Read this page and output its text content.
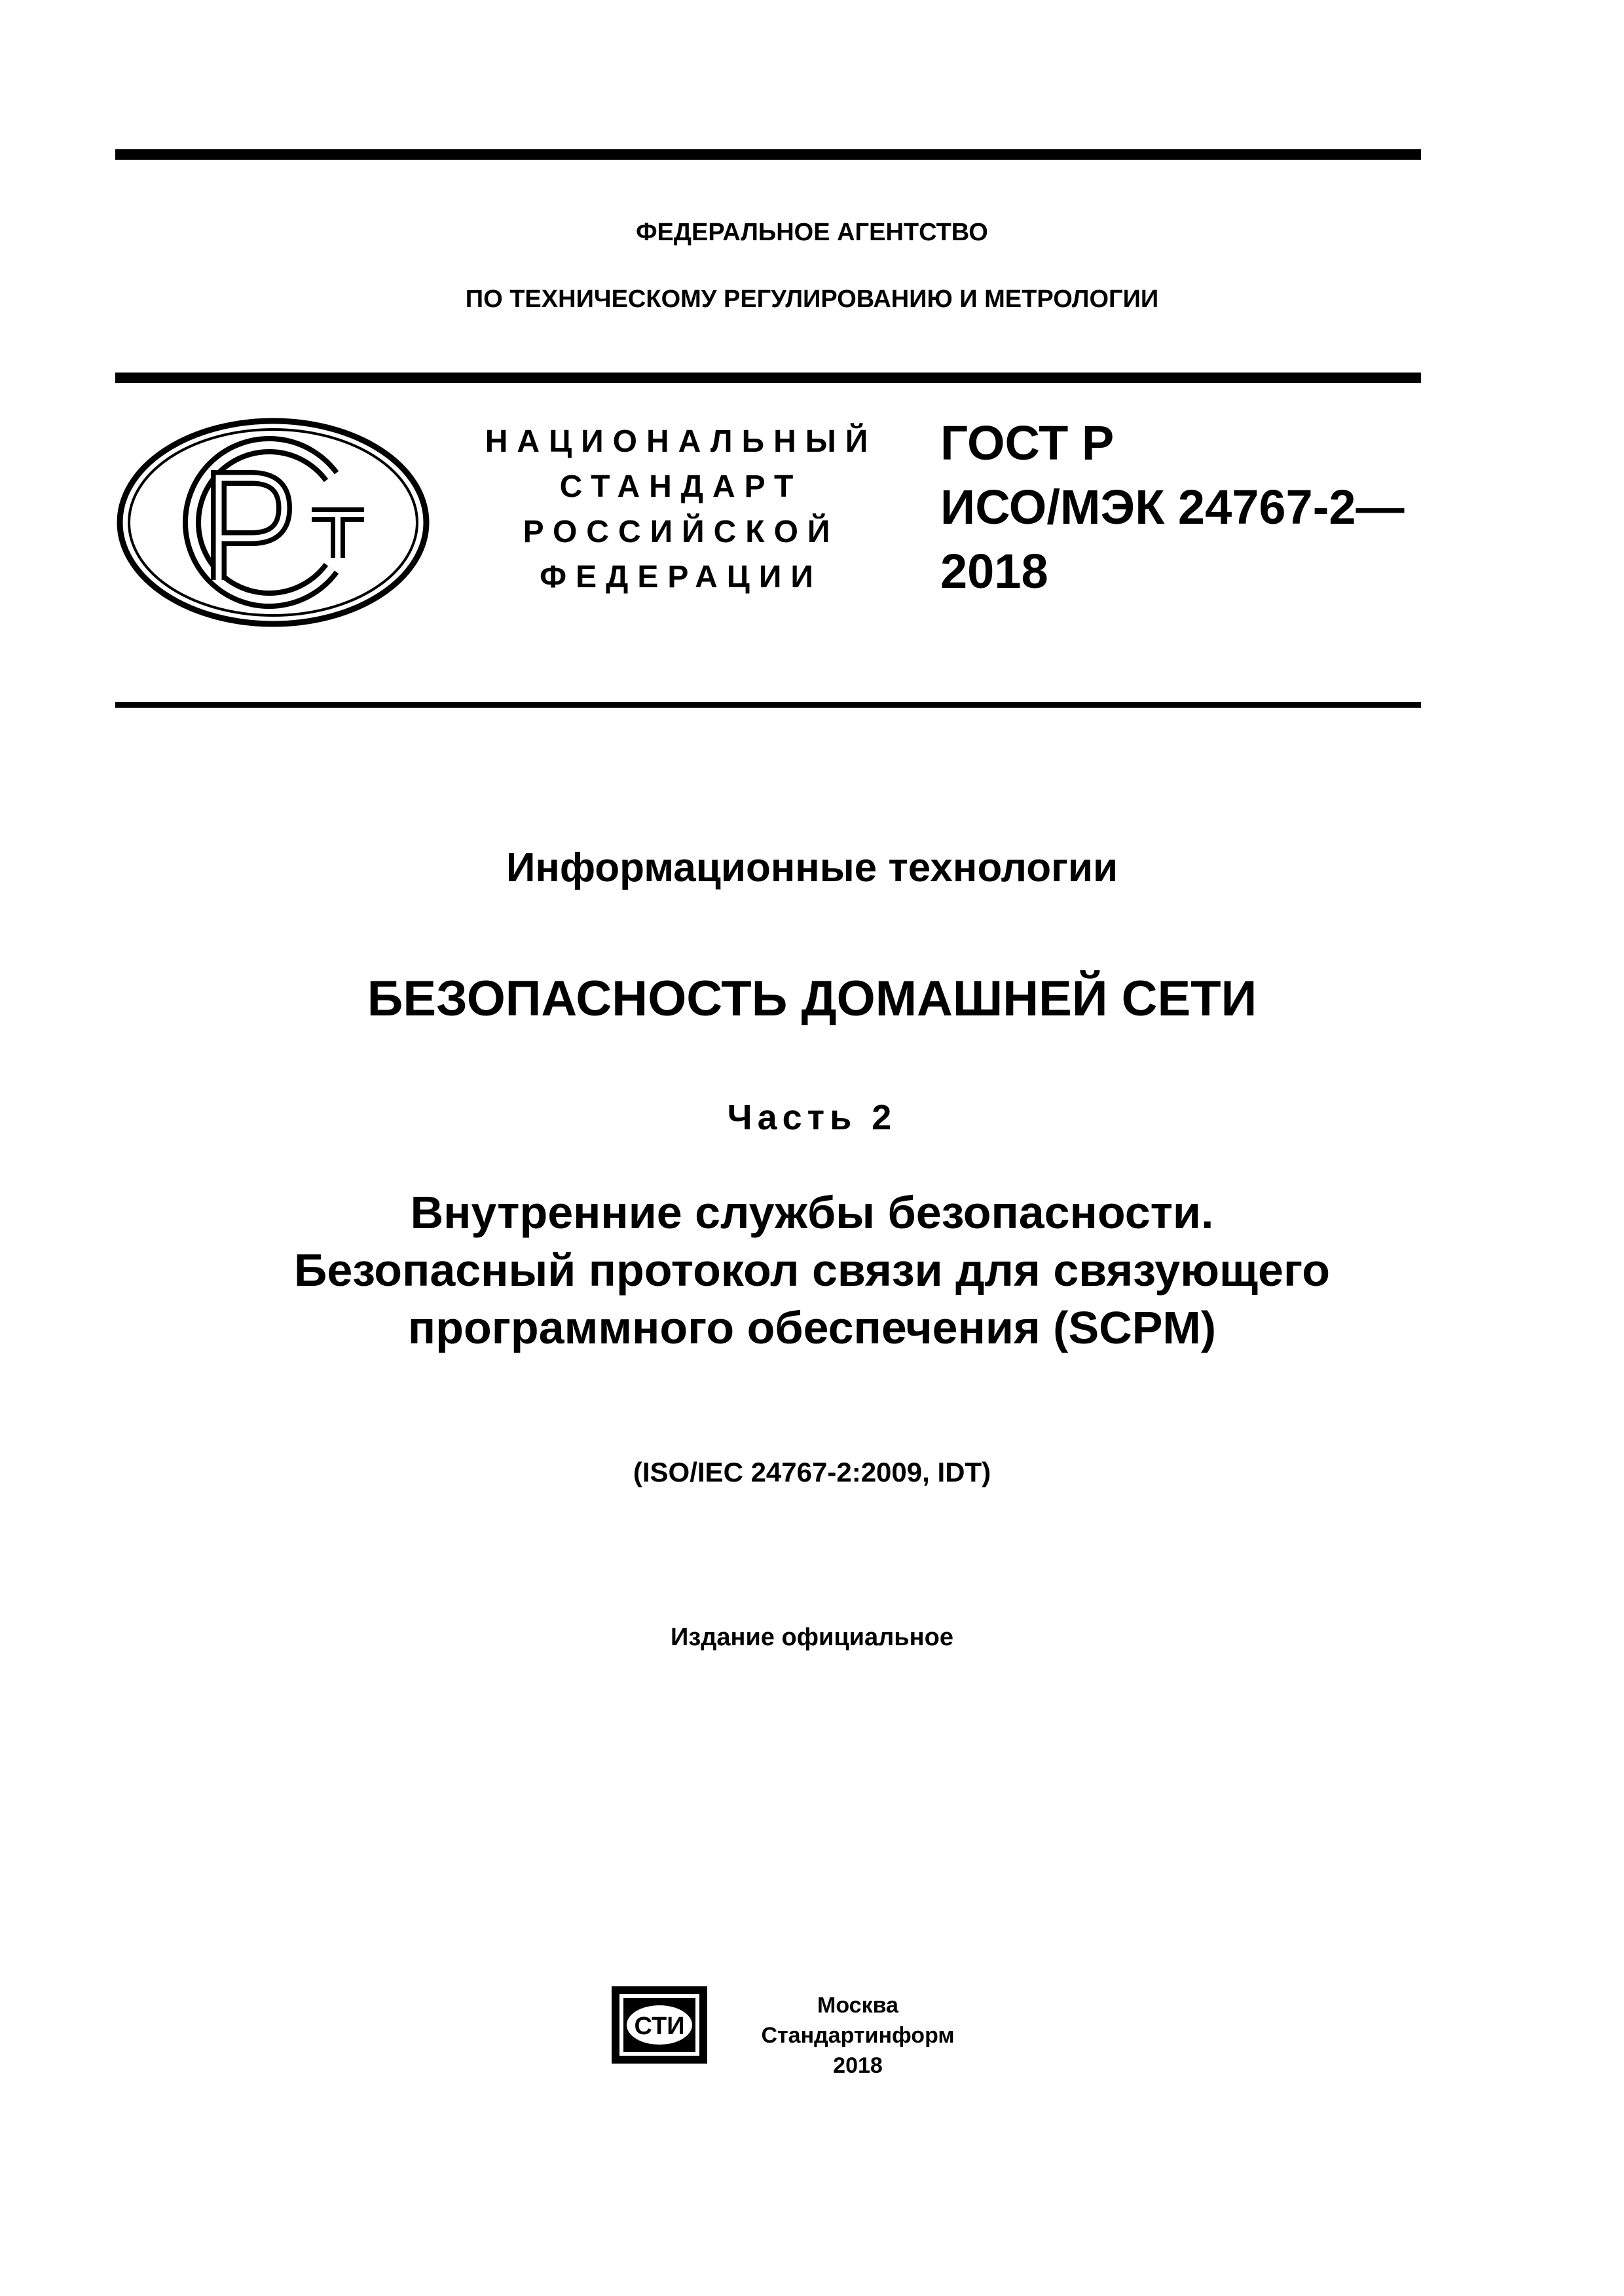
ФЕДЕРАЛЬНОЕ АГЕНТСТВО
ПО ТЕХНИЧЕСКОМУ РЕГУЛИРОВАНИЮ И МЕТРОЛОГИИ
НАЦИОНАЛЬНЫЙ
СТАНДАРТ
РОССИЙСКОЙ
ФЕДЕРАЦИИ
ГОСТ Р
ИСО/МЭК 24767-2—
2018
Информационные технологии
БЕЗОПАСНОСТЬ ДОМАШНЕЙ СЕТИ
Часть 2
Внутренние службы безопасности.
Безопасный протокол связи для связующего
программного обеспечения (SCPM)
(ISO/IEC 24767-2:2009, IDT)
Издание официальное
СТИ
Москва
Стандартинформ
2018
